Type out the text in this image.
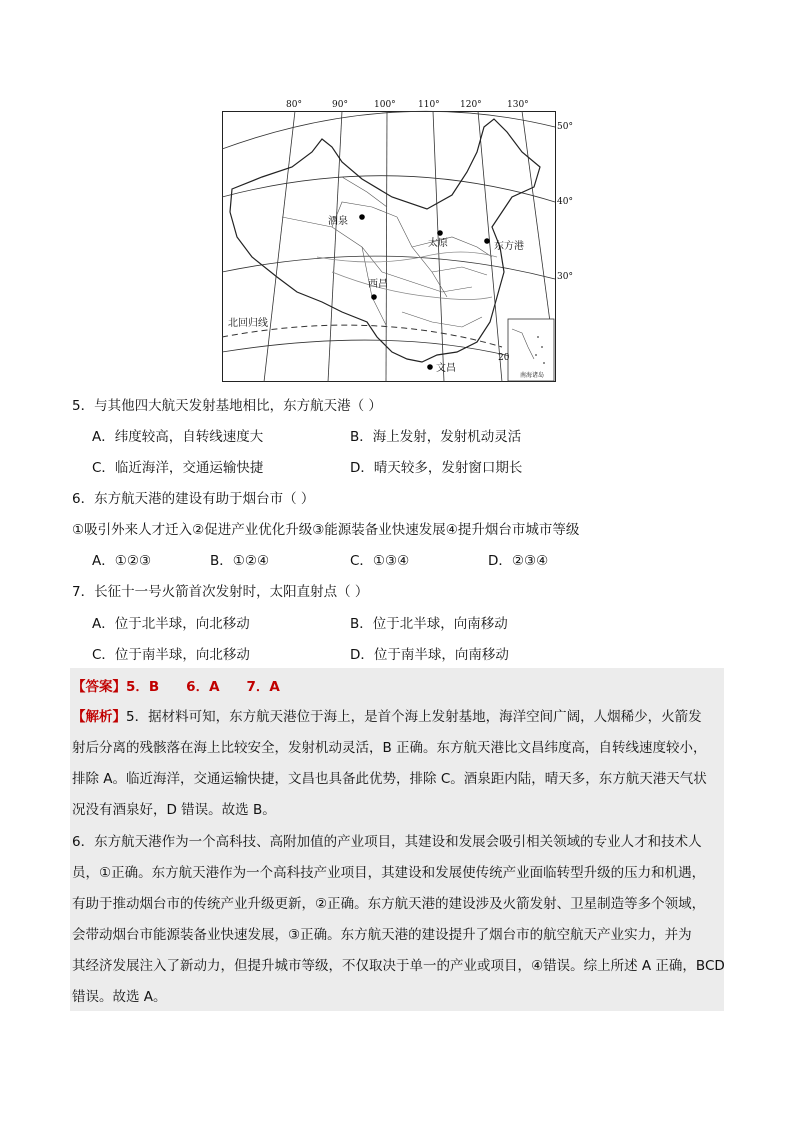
南海诸岛
80°	90°	100° 110° 120°	130°
50°
40°
30°
20
北回归线
酒泉
太原	东方港
西昌
文昌
5．与其他四大航天发射基地相比，东方航天港（ ）
A．纬度较高，自转线速度大	B．海上发射，发射机动灵活
C．临近海洋，交通运输快捷	D．晴天较多，发射窗口期长
6．东方航天港的建设有助于烟台市（ ）
①吸引外来人才迁入②促进产业优化升级③能源装备业快速发展④提升烟台市城市等级
A．①②③	B．①②④	C．①③④	D．②③④
7．长征十一号火箭首次发射时，太阳直射点（ ）
A．位于北半球，向北移动	B．位于北半球，向南移动
C．位于南半球，向北移动	D．位于南半球，向南移动
【答案】5．B　　6．A　　7．A
【解析】5．据材料可知，东方航天港位于海上，是首个海上发射基地，海洋空间广阔，人烟稀少，火箭发
射后分离的残骸落在海上比较安全，发射机动灵活，B 正确。东方航天港比文昌纬度高，自转线速度较小，
排除 A。临近海洋，交通运输快捷，文昌也具备此优势，排除 C。酒泉距内陆，晴天多，东方航天港天气状
况没有酒泉好，D 错误。故选 B。
6．东方航天港作为一个高科技、高附加值的产业项目，其建设和发展会吸引相关领域的专业人才和技术人
员，①正确。东方航天港作为一个高科技产业项目，其建设和发展使传统产业面临转型升级的压力和机遇，
有助于推动烟台市的传统产业升级更新，②正确。东方航天港的建设涉及火箭发射、卫星制造等多个领域，
会带动烟台市能源装备业快速发展，③正确。东方航天港的建设提升了烟台市的航空航天产业实力，并为
其经济发展注入了新动力，但提升城市等级，不仅取决于单一的产业或项目，④错误。综上所述 A 正确，BCD
错误。故选 A。
